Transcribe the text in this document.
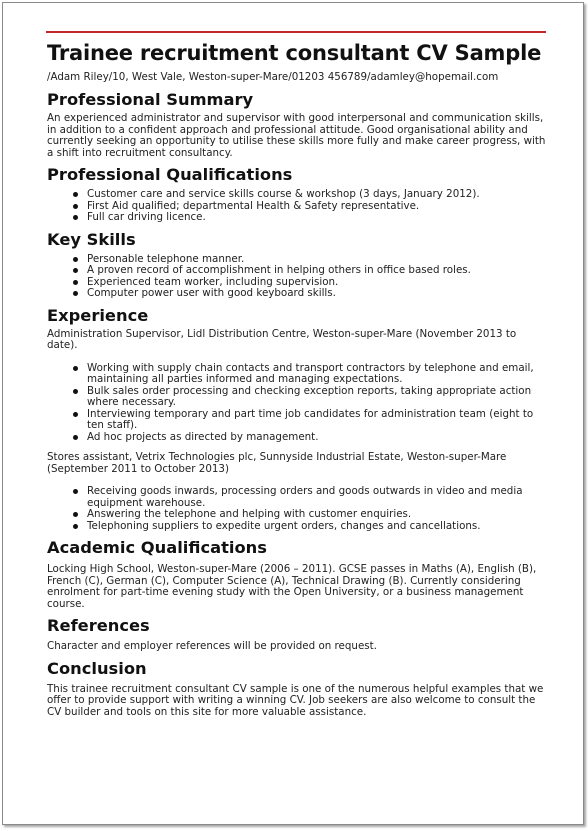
Trainee recruitment consultant CV Sample
/Adam Riley/10, West Vale, Weston-super-Mare/01203 456789/adamley@hopemail.com
Professional Summary

An experienced administrator and supervisor with good interpersonal and communication skills, in addition to a confident approach and professional attitude. Good organisational ability and currently seeking an opportunity to utilise these skills more fully and make career progress, with a shift into recruitment consultancy.

Professional Qualifications
Customer care and service skills course & workshop (3 days, January 2012).
First Aid qualified; departmental Health & Safety representative.
Full car driving licence.
Key Skills
Personable telephone manner.
A proven record of accomplishment in helping others in office based roles.
Experienced team worker, including supervision.
Computer power user with good keyboard skills.
Experience

Administration Supervisor, Lidl Distribution Centre, Weston-super-Mare (November 2013 to date).

Working with supply chain contacts and transport contractors by telephone and email, maintaining all parties informed and managing expectations.
Bulk sales order processing and checking exception reports, taking appropriate action where necessary.
Interviewing temporary and part time job candidates for administration team (eight to ten staff).
Ad hoc projects as directed by management.

Stores assistant, Vetrix Technologies plc, Sunnyside Industrial Estate, Weston-super-Mare (September 2011 to October 2013)

Receiving goods inwards, processing orders and goods outwards in video and media equipment warehouse.
Answering the telephone and helping with customer enquiries.
Telephoning suppliers to expedite urgent orders, changes and cancellations.
Academic Qualifications

Locking High School, Weston-super-Mare (2006 – 2011). GCSE passes in Maths (A), English (B), French (C), German (C), Computer Science (A), Technical Drawing (B). Currently considering enrolment for part-time evening study with the Open University, or a business management course.

References

Character and employer references will be provided on request.

Conclusion

This trainee recruitment consultant CV sample is one of the numerous helpful examples that we offer to provide support with writing a winning CV. Job seekers are also welcome to consult the CV builder and tools on this site for more valuable assistance.
